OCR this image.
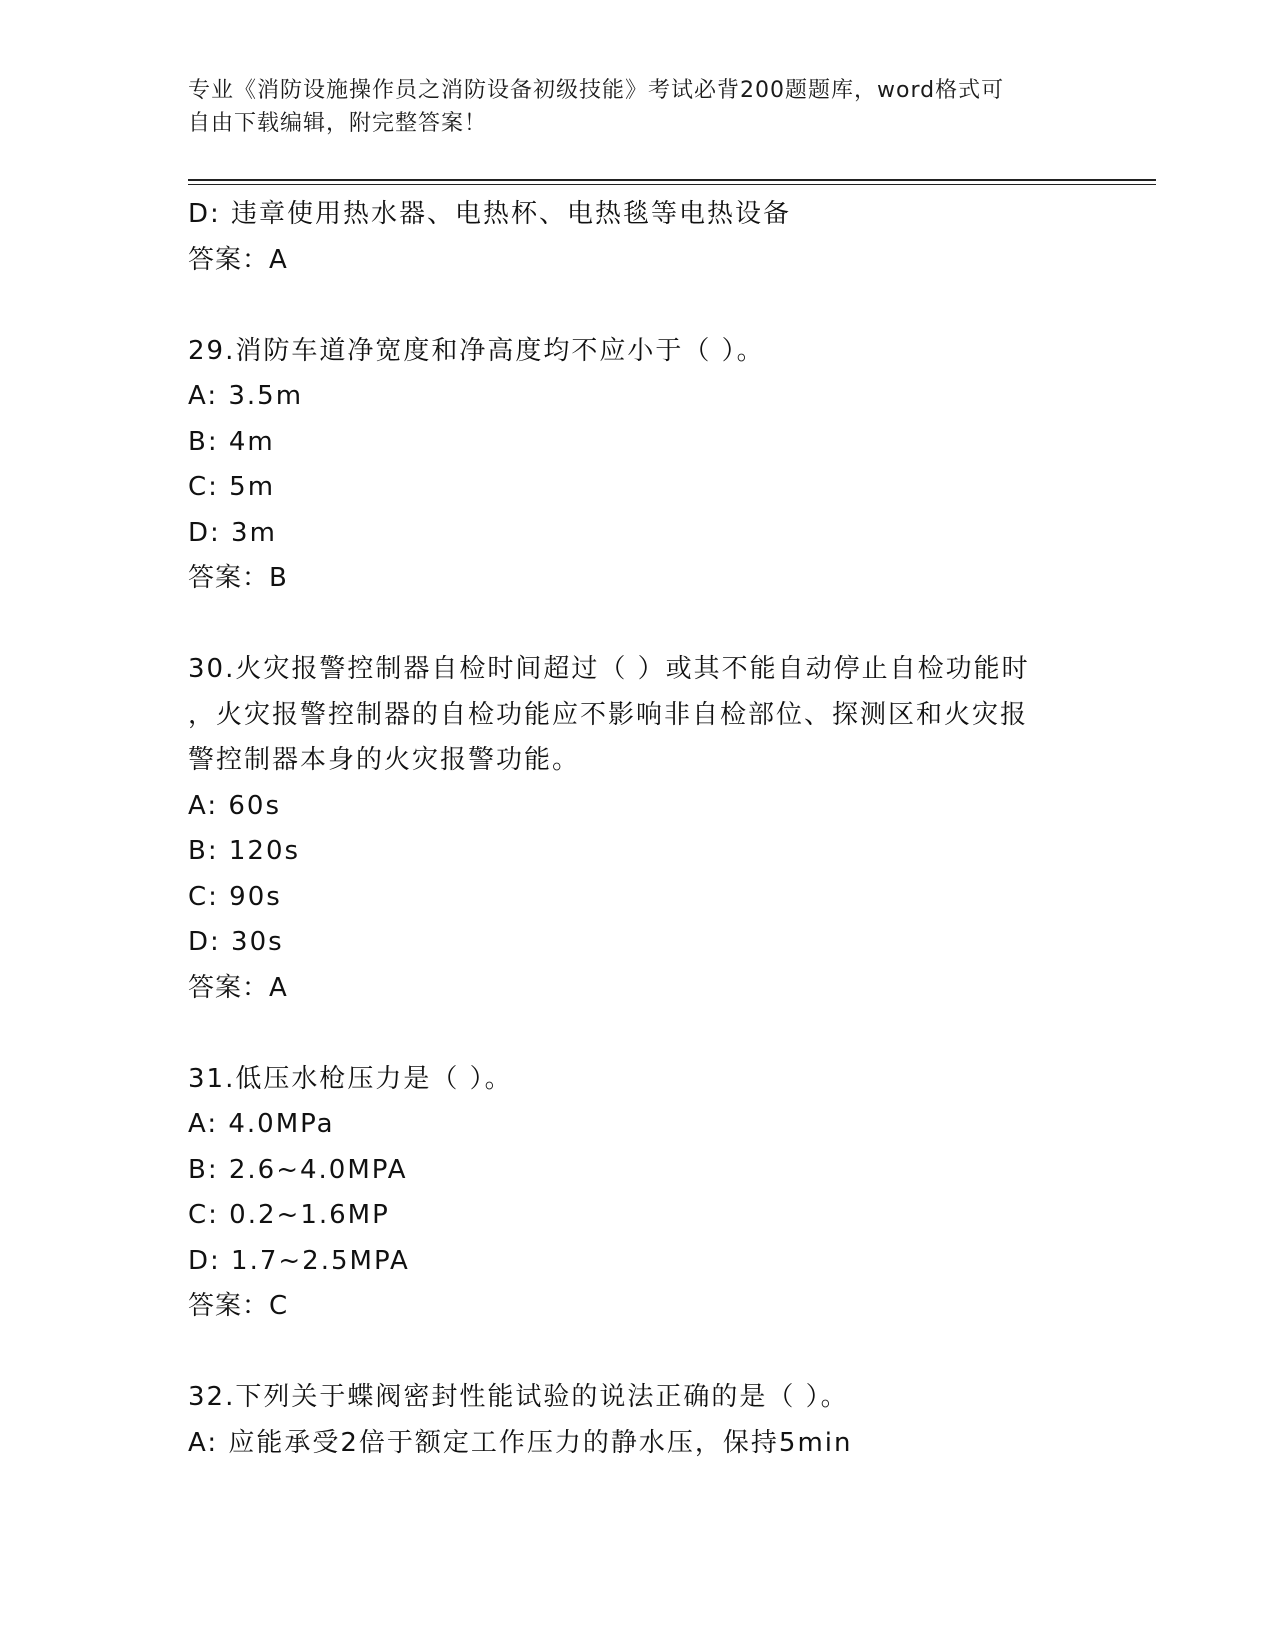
专业《消防设施操作员之消防设备初级技能》考试必背200题题库，word格式可
自由下载编辑，附完整答案！
D: 违章使用热水器、电热杯、电热毯等电热设备
答案：A
29.消防车道净宽度和净高度均不应小于（ ）。
A: 3.5m
B: 4m
C: 5m
D: 3m
答案：B
30.火灾报警控制器自检时间超过（ ）或其不能自动停止自检功能时
，火灾报警控制器的自检功能应不影响非自检部位、探测区和火灾报
警控制器本身的火灾报警功能。
A: 60s
B: 120s
C: 90s
D: 30s
答案：A
31.低压水枪压力是（ ）。
A: 4.0MPa
B: 2.6~4.0MPA
C: 0.2~1.6MP
D: 1.7~2.5MPA
答案：C
32.下列关于蝶阀密封性能试验的说法正确的是（ ）。
A: 应能承受2倍于额定工作压力的静水压，保持5min
